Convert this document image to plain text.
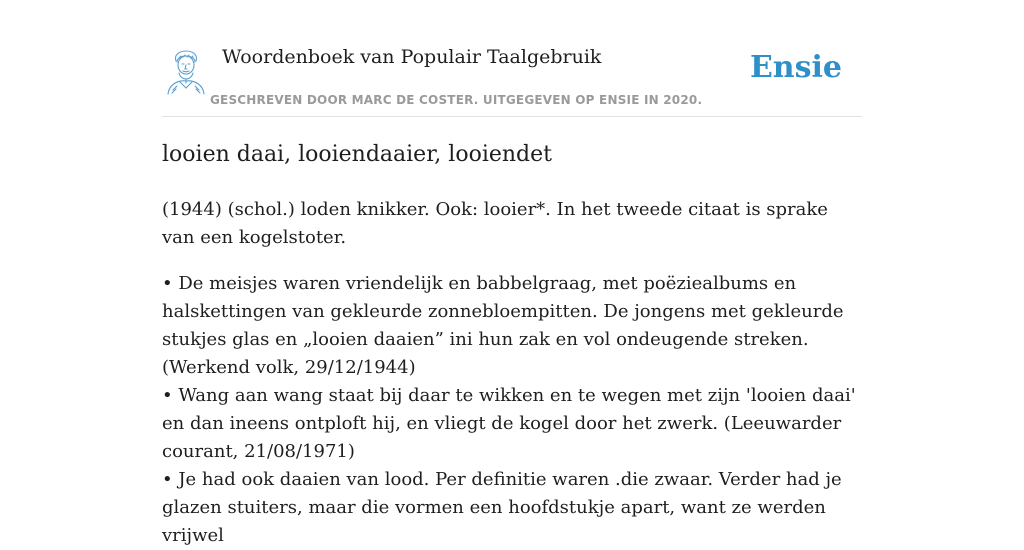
Woordenboek van Populair Taalgebruik
GESCHREVEN DOOR MARC DE COSTER. UITGEGEVEN OP ENSIE IN 2020.
Ensie
looien daai, looiendaaier, looiendet

(1944) (schol.) loden knikker. Ook: looier*. In het tweede citaat is sprake van een kogelstoter.

• De meisjes waren vriendelijk en babbelgraag, met poëziealbums en halskettingen van gekleurde zonnebloempitten. De jongens met gekleurde stukjes glas en „looien daaien” ini hun zak en vol ondeugende streken. (Werkend volk, 29/12/1944)
• Wang aan wang staat bij daar te wikken en te wegen met zijn 'looien daai' en dan ineens ontploft hij, en vliegt de kogel door het zwerk. (Leeuwarder courant, 21/08/1971)
• Je had ook daaien van lood. Per definitie waren .die zwaar. Verder had je glazen stuiters, maar die vormen een hoofdstukje apart, want ze werden vrijwel
